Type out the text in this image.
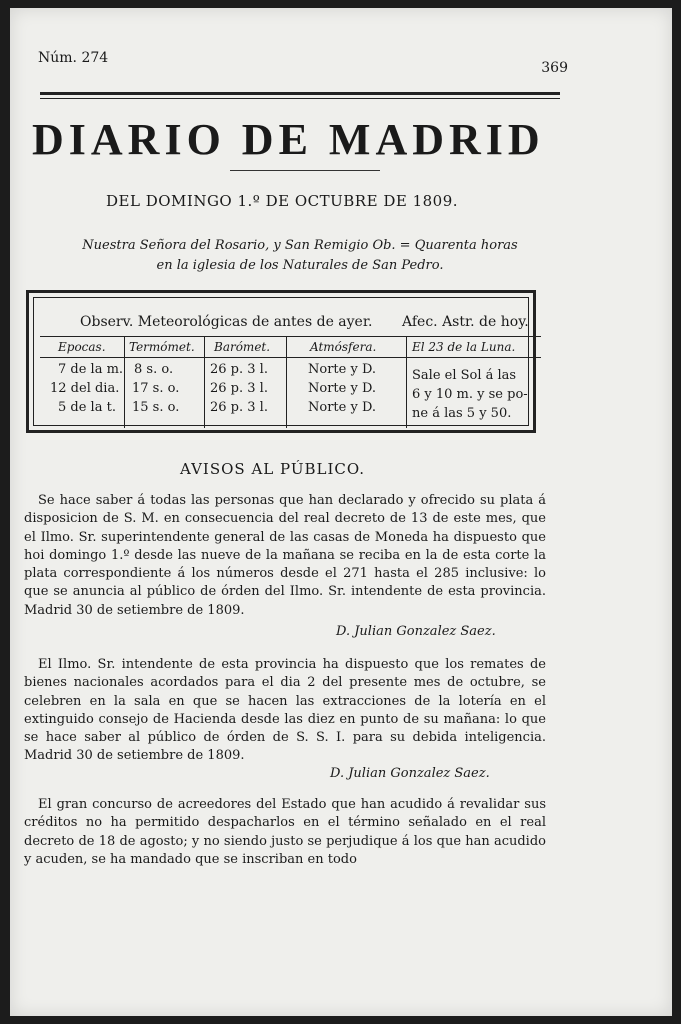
Núm. 274
369
DIARIO DE MADRID
DEL DOMINGO 1.º DE OCTUBRE DE 1809.
Nuestra Señora del Rosario, y San Remigio Ob. = Quarenta horas
en la iglesia de los Naturales de San Pedro.
Observ. Meteorológicas de antes de ayer. Afec. Astr. de hoy.
Epocas. Termómet. Barómet.	Atmósfera.	El 23 de la Luna.
7 de la m. 8 s. o.	26 p. 3 l.	Norte y D.
12 del dia. 17 s. o. 26 p. 3 l.	Norte y D.
5 de la t. 15 s. o. 26 p. 3 l.	Norte y D.
Sale el Sol á las
6 y 10 m. y se po-
ne á las 5 y 50.
AVISOS AL PÚBLICO.

Se hace saber á todas las personas que han declarado y ofrecido su plata á disposicion de S. M. en consecuencia del real decreto de 13 de este mes, que el Ilmo. Sr. superintendente general de las casas de Moneda ha dispuesto que hoi domingo 1.º desde las nueve de la mañana se reciba en la de esta corte la plata correspondiente á los números desde el 271 hasta el 285 inclusive: lo que se anuncia al público de órden del Ilmo. Sr. intendente de esta provincia. Madrid 30 de setiembre de 1809.

D. Julian Gonzalez Saez.

El Ilmo. Sr. intendente de esta provincia ha dispuesto que los remates de bienes nacionales acordados para el dia 2 del presente mes de octubre, se celebren en la sala en que se hacen las extracciones de la lotería en el extinguido consejo de Hacienda desde las diez en punto de su mañana: lo que se hace saber al público de órden de S. S. I. para su debida inteligencia. Madrid 30 de setiembre de 1809.

D. Julian Gonzalez Saez.

El gran concurso de acreedores del Estado que han acudido á revalidar sus créditos no ha permitido despacharlos en el término señalado en el real decreto de 18 de agosto; y no siendo justo se perjudique á los que han acudido y acuden, se ha mandado que se inscriban en todo
